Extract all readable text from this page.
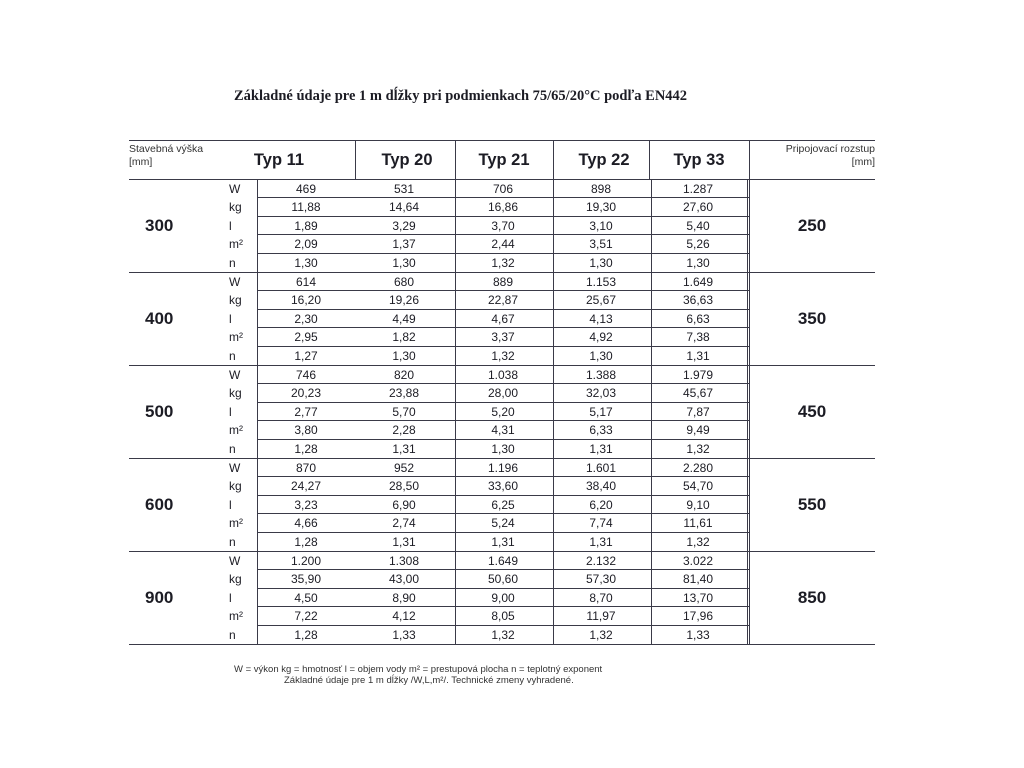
Základné údaje pre 1 m dĺžky pri podmienkach 75/65/20°C podľa EN442
Stavebná výška
[mm]	Typ 11	Typ 20	Typ 21	Typ 22	Typ 33
Pripojovací rozstup
[mm]
300	250
W	469	531	706	898	1.287
kg	11,88	14,64	16,86	19,30	27,60
l	1,89	3,29	3,70	3,10	5,40
m²	2,09	1,37	2,44	3,51	5,26
n	1,30	1,30	1,32	1,30	1,30
400	350
W	614	680	889	1.153	1.649
kg	16,20	19,26	22,87	25,67	36,63
l	2,30	4,49	4,67	4,13	6,63
m²	2,95	1,82	3,37	4,92	7,38
n	1,27	1,30	1,32	1,30	1,31
500	450
W	746	820	1.038	1.388	1.979
kg	20,23	23,88	28,00	32,03	45,67
l	2,77	5,70	5,20	5,17	7,87
m²	3,80	2,28	4,31	6,33	9,49
n	1,28	1,31	1,30	1,31	1,32
600	550
W	870	952	1.196	1.601	2.280
kg	24,27	28,50	33,60	38,40	54,70
l	3,23	6,90	6,25	6,20	9,10
m²	4,66	2,74	5,24	7,74	11,61
n	1,28	1,31	1,31	1,31	1,32
900	850
W	1.200	1.308	1.649	2.132	3.022
kg	35,90	43,00	50,60	57,30	81,40
l	4,50	8,90	9,00	8,70	13,70
m²	7,22	4,12	8,05	11,97	17,96
n	1,28	1,33	1,32	1,32	1,33
W = výkon kg = hmotnosť l = objem vody m² = prestupová plocha n = teplotný exponent
Základné údaje pre 1 m dĺžky /W,L,m²/. Technické zmeny vyhradené.
